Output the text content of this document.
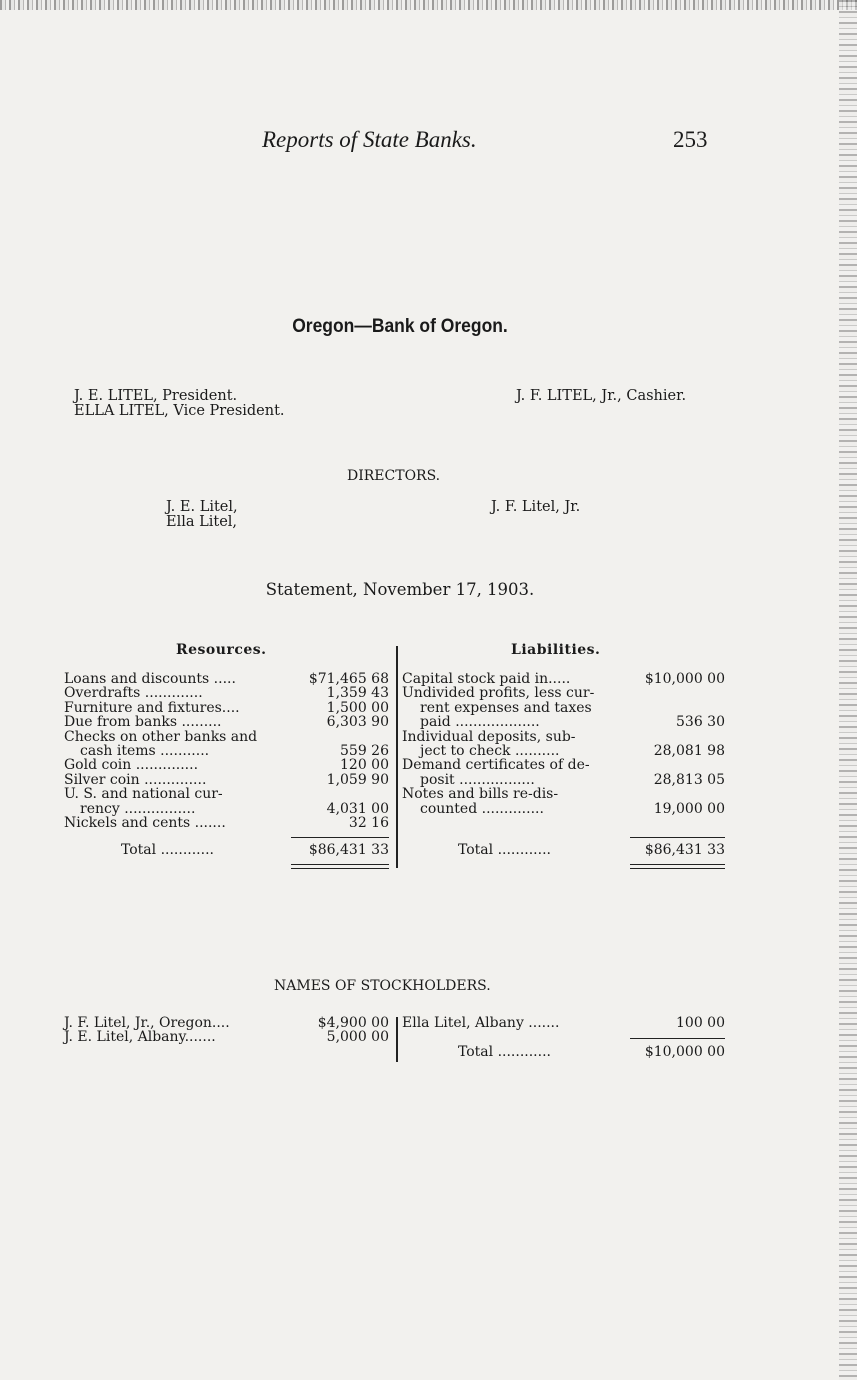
Reports of State Banks.	253
Oregon—Bank of Oregon.
J. E. LITEL, President.
ELLA LITEL, Vice President.
J. F. LITEL, Jr., Cashier.
DIRECTORS.
J. E. Litel,
Ella Litel,
J. F. Litel, Jr.
Statement, November 17, 1903.
Resources.
Loans and discounts .....	$71,465 68
Overdrafts .............	1,359 43
Furniture and fixtures....	1,500 00
Due from banks .........	6,303 90
Checks on other banks and
cash items ...........	559 26
Gold coin ..............	120 00
Silver coin ..............	1,059 90
U. S. and national cur-
rency ................	4,031 00
Nickels and cents .......	32 16
Total ............	$86,431 33
Liabilities.
Capital stock paid in.....	$10,000 00
Undivided profits, less cur-
rent expenses and taxes
paid ...................	536 30
Individual deposits, sub-
ject to check ..........	28,081 98
Demand certificates of de-
posit .................	28,813 05
Notes and bills re-dis-
counted ..............	19,000 00
Total ............	$86,431 33
NAMES OF STOCKHOLDERS.
J. F. Litel, Jr., Oregon....	$4,900 00
J. E. Litel, Albany.......	5,000 00
Ella Litel, Albany .......	100 00
Total ............	$10,000 00
